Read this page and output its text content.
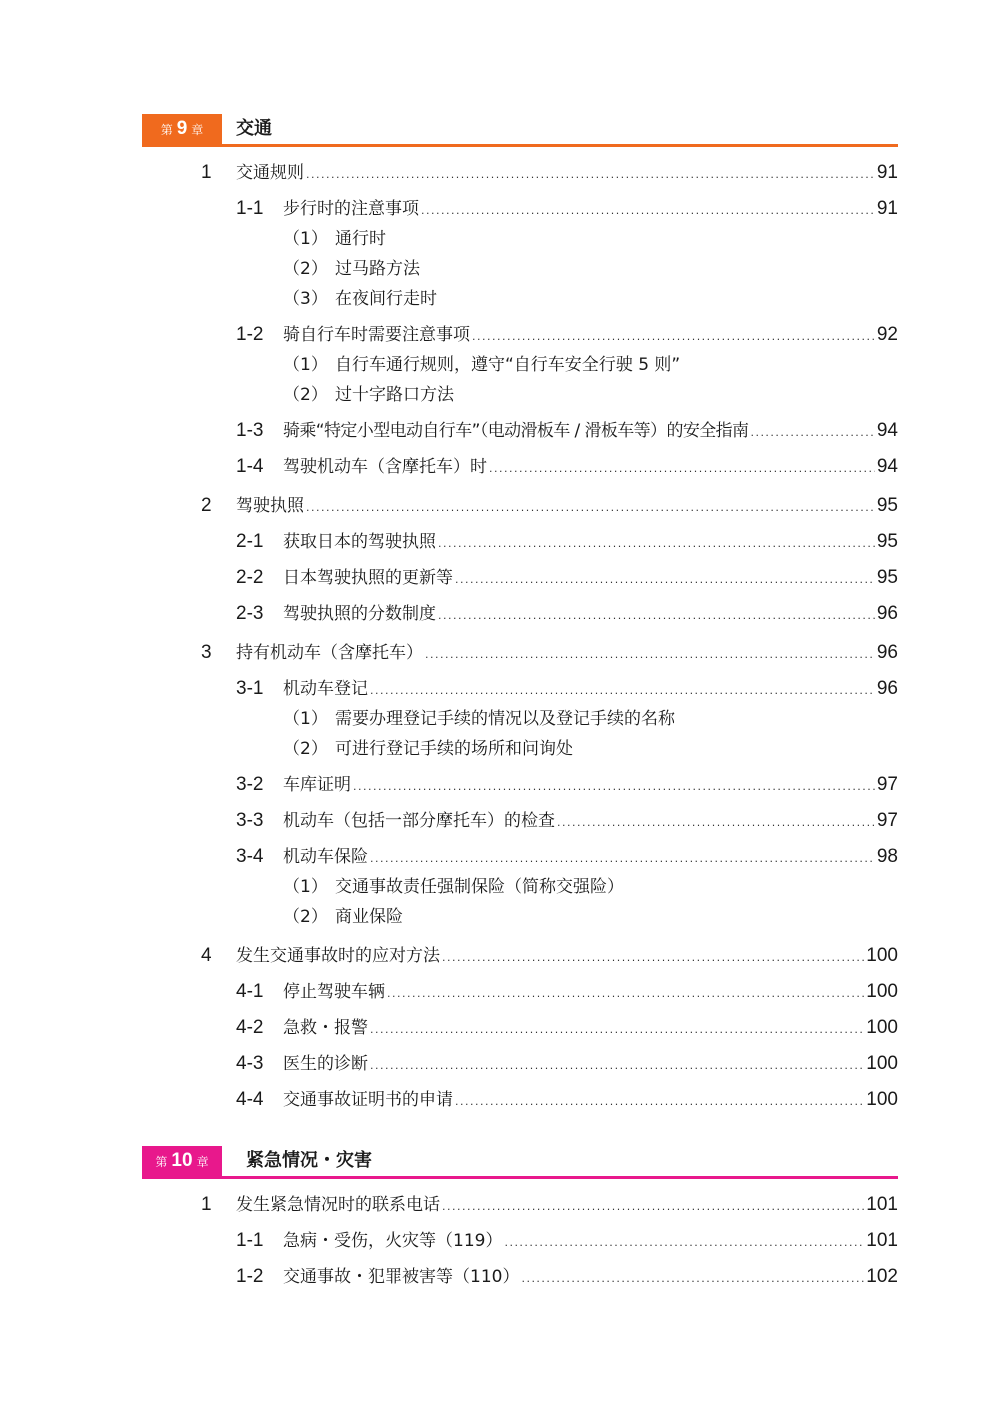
第 9 章 交通
1	交通规则 . . .	91
1-1	步行时的注意事项 . . .	91
（1） 通行时
（2） 过马路方法
（3） 在夜间行走时
1-2	骑自行车时需要注意事项 . . .	92
（1） 自行车通行规则，遵守“自行车安全行驶 5 则”
（2） 过十字路口方法
1-3	骑乘“特定小型电动自行车”（电动滑板车 / 滑板车等）的安全指南 . . .	94
1-4	驾驶机动车（含摩托车）时 . . .	94
2	驾驶执照 . . .	95
2-1	获取日本的驾驶执照 . . .	95
2-2	日本驾驶执照的更新等 . . .	95
2-3	驾驶执照的分数制度 . . .	96
3	持有机动车（含摩托车） . . .	96
3-1	机动车登记 . . .	96
（1） 需要办理登记手续的情况以及登记手续的名称
（2） 可进行登记手续的场所和问询处
3-2	车库证明 . . .	97
3-3	机动车（包括一部分摩托车）的检查 . . .	97
3-4	机动车保险 . . .	98
（1） 交通事故责任强制保险（简称交强险）
（2） 商业保险
4	发生交通事故时的应对方法 . . .	100
4-1	停止驾驶车辆 . . .	100
4-2	急救・报警 . . .	100
4-3	医生的诊断 . . .	100
4-4	交通事故证明书的申请 . . .	100
第 10 章 紧急情况・灾害
1	发生紧急情况时的联系电话 . . .	101
1-1	急病・受伤，火灾等（119） . . .	101
1-2	交通事故・犯罪被害等（110） . . .	102
